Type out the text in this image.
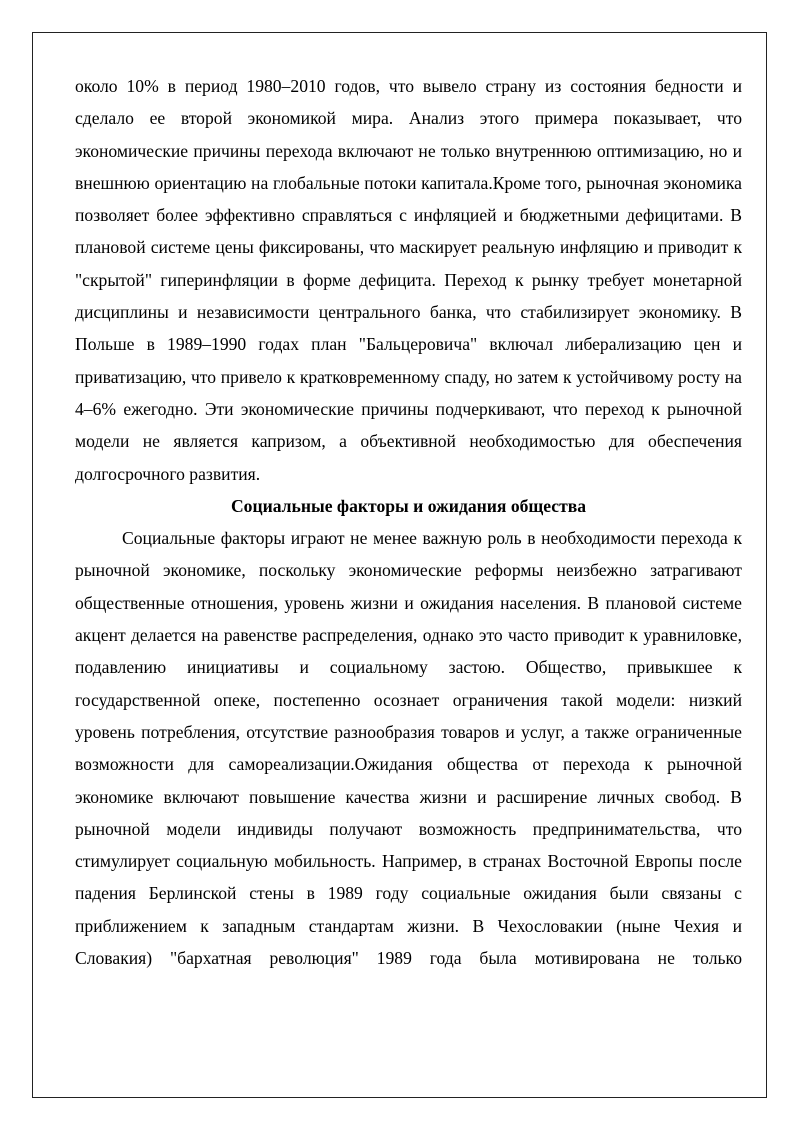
около 10% в период 1980–2010 годов, что вывело страну из состояния бедности и сделало ее второй экономикой мира. Анализ этого примера показывает, что экономические причины перехода включают не только внутреннюю оптимизацию, но и внешнюю ориентацию на глобальные потоки капитала.Кроме того, рыночная экономика позволяет более эффективно справляться с инфляцией и бюджетными дефицитами. В плановой системе цены фиксированы, что маскирует реальную инфляцию и приводит к "скрытой" гиперинфляции в форме дефицита. Переход к рынку требует монетарной дисциплины и независимости центрального банка, что стабилизирует экономику. В Польше в 1989–1990 годах план "Бальцеровича" включал либерализацию цен и приватизацию, что привело к кратковременному спаду, но затем к устойчивому росту на 4–6% ежегодно. Эти экономические причины подчеркивают, что переход к рыночной модели не является капризом, а объективной необходимостью для обеспечения долгосрочного развития.

Социальные факторы и ожидания общества

Социальные факторы играют не менее важную роль в необходимости перехода к рыночной экономике, поскольку экономические реформы неизбежно затрагивают общественные отношения, уровень жизни и ожидания населения. В плановой системе акцент делается на равенстве распределения, однако это часто приводит к уравниловке, подавлению инициативы и социальному застою. Общество, привыкшее к государственной опеке, постепенно осознает ограничения такой модели: низкий уровень потребления, отсутствие разнообразия товаров и услуг, а также ограниченные возможности для самореализации.Ожидания общества от перехода к рыночной экономике включают повышение качества жизни и расширение личных свобод. В рыночной модели индивиды получают возможность предпринимательства, что стимулирует социальную мобильность. Например, в странах Восточной Европы после падения Берлинской стены в 1989 году социальные ожидания были связаны с приближением к западным стандартам жизни. В Чехословакии (ныне Чехия и Словакия) "бархатная революция" 1989 года была мотивирована не только
